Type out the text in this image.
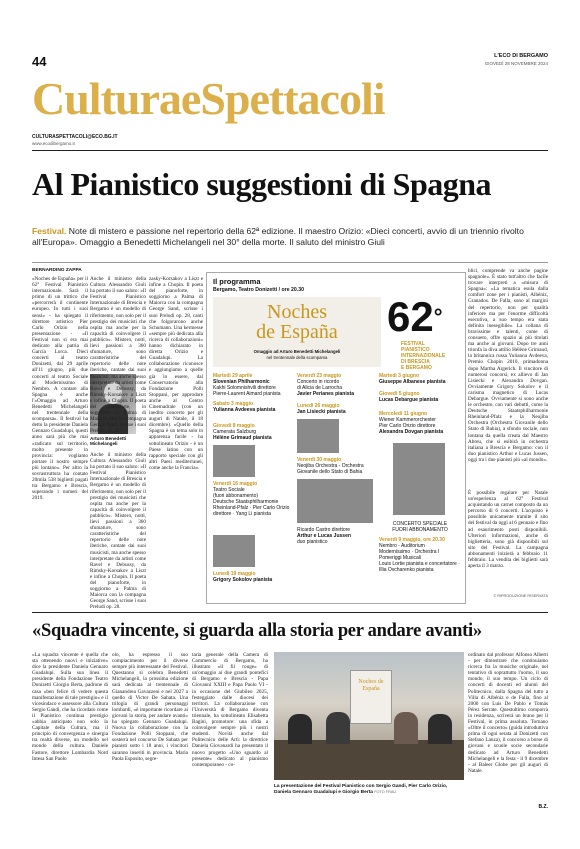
44	L'ECO DI BERGAMO
GIOVEDÌ 28 NOVEMBRE 2024
CulturaeSpettacoli
CULTURASPETTACOLI@ECO.BG.IT
www.ecodibergamo.it
Al Pianistico suggestioni di Spagna
Festival. Note di mistero e passione nel repertorio della 62ª edizione. Il maestro Orizio: «Dieci concerti, avvio di un triennio rivolto all'Europa». Omaggio a Benedetti Michelangeli nel 30° della morte. Il saluto del ministro Giuli
BERNARDINO ZAPPA
«Noches de España» per il 62° Festival Pianistico internazionale. Sarà il primo di un trittico che «percorrerà il continente europeo. In tutti i suoi sensi» - ha spiegato il direttore artistico Pier Carlo Orizio nella presentazione - «Il Festival non si era mai dedicato alla patria di García Lorca. Dieci concerti al teatro Donizetti, dal 29 aprile all'11 giugno, più due concerti al teatro Sociale al Modernissimo di Nembro. A contare alla Spagna è anche l'«Omaggio ad Arturo Benedetti Michelangeli nel trentennale della scomparsa». Il festival ha detto la presidente Daniela Gennaro Guadalupi, questi anno sarà più che mai «radicato sul territorio, molto presente in provincia: vogliamo portare il nostro sempre più lontano». Per altro la sovrastruttura ha contato 20mila 538 biglietti pagati tra Bergamo e Brescia, superando i numeri del 2019.
Arturo Benedetti Michelangeli
Anche il ministro della Cultura Alessandro Giuli ha portato il suo saluto: «Il Festival Pianistico Internazionale di Brescia e Bergamo è un modello di riferimento, non solo per il prestigio dei musicisti che ospita ma anche per la capacità di coinvolgere il pubblico». Mistero, notti, lievi passioni a 360 sfumature, sono caratteristiche del repertorio delle note iberiche, cantate dai suoi musicisti, ma anche spesso interpretate da artisti come Ravel e Debussy, da Rimsky-Korsakov a Liszt e infine a Chopin. Il poeta del pianoforte, in soggiorno a Palma di Maiorca con la compagna George Sand, scrisse i suoi Preludi op. 28.
Anche il ministro della Cultura Alessandro Giuli ha portato il suo saluto: «Il Festival Pianistico Internazionale di Brescia e Bergamo è un modello di riferimento, non solo per il prestigio dei musicisti che ospita ma anche per la capacità di coinvolgere il pubblico». Mistero, notti, lievi passioni a 360 sfumature, sono caratteristiche del repertorio delle note iberiche, cantate dai suoi musicisti, ma anche spesso interpretate da artisti come Ravel e Debussy, da Rimsky-Korsakov a Liszt e infine a Chopin. Il poeta del pianoforte, in soggiorno a Palma di Maiorca con la compagna George Sand, scrisse i suoi Preludi op. 28.
zasky-Korsakov a Liszt e infine a Chopin. Il poeta del pianoforte, in soggiorno a Palma di Maiorca con la compagna George Sand, scrisse i suoi Preludi op. 28, canti che folgorarono anche Schumann. Una kermesse «sempre più dedicata alla ricerca di collaborazioni» hanno dichiarato in diretta Orizio e Guadalupi. La collaborazione riconosce e aggiungiamo a quelle già in essere, dal Conservatorio alla Fondazione Polli Stoppani, per approdare anche al Centro Cinemadrale (con un inedito concerto per gli auguri di Natale, il 18 dicembre). «Quello della Spagna è un tema solo in apparenza facile - ha sottolineato Orizio - è un Paese latino con un rapporto speciale con gli altri Paesi mediterranei, come anche la Francia».
Il programma
Bergamo, Teatro Donizetti / ore 20.30
Noches
de España
Omaggio ad Arturo Benedetti Michelangeli
nel trentennale della scomparsa
62°
FESTIVAL
PIANISTICO
INTERNAZIONALE
DI BRESCIA
E BERGAMO
Martedì 29 aprile
Slovenian Philharmonic
Kakhi Solomnishvili direttore
Pierre-Laurent Aimard pianista
Sabato 3 maggio
Yulianna Avdeeva pianista
Giovedì 8 maggio
Camerata Salzburg
Hélène Grimaud pianista
Venerdì 16 maggio
Teatro Sociale
(fuori abbonamento)
Deutsche Staatsphilharmonie Rheinland-Pfalz · Pier Carlo Orizio direttore · Yang Li pianista
Lunedì 19 maggio
Grigory Sokolov pianista
Venerdì 23 maggio
Concerto in ricordo
di Alicia de Larrocha
Javier Perianes pianista
Lunedì 26 maggio
Jan Lisiecki pianista
Venerdì 30 maggio
Neojiba Orchestra - Orchestra
Giovanile dello Stato di Bahia
Ricardo Castro direttore
Arthur e Lucas Jussen
duo pianistico
Martedì 3 giugno
Giuseppe Albanese pianista
Giovedì 5 giugno
Lucas Debargue pianista
Mercoledì 11 giugno
Wiener Kammerorchester
Pier Carlo Orizio direttore
Alexandra Dovgan pianista
CONCERTO SPECIALE
FUORI ABBONAMENTO
Venerdì 9 maggio, ore 20.30
Nembro - Auditorium
Modernissimo · Orchestra I Pomeriggi Musicali
Louis Lortie pianista e concertatore · Illia Ovcharenko pianista
blici, comprende va anche pagine spagnole». È stato tutt'altro che facile trovare interpreti a «misura di Spagna»: «La tematica esula dalla comfort zone per i pianisti, Albéniz, Granados. De Falla, sono al margini del repertorio, non per qualità inferiore ma per l'enorme difficoltà esecutiva, a suo tempo era stata definita inesegibile». La collana di bravissime e talenti, come di consueto, offre spazio ai più titolati ma anche ai giovani. Dopo tre anni trionfa la diva attilio Hélène Grimaud, la britannica russa Yulianna Avdeeva, Premio Chopin 2010, primadonna dopo Martha Argerich. Il vincitore di numerosi concorsi, ex allievo di Jan Lisiecki e Alexandra Dovgan. Ovviamente Grigory Sokolov e il carisma magnetico di Lucas Debargue. Ovviamente si sono anche le orchestre, con vari debutti, come la Deutsche Staatsphilharmonie Rheinland-Pfalz e la Neojiba Orchestra (Orchestra Giovanile dello Stato di Bahia), a sfondo sociale, non lontana da quella creata dal Maestro Abreu, che si esibirà in orchestra italiana a Brescia e Bergamo: con il duo pianistico Arthur e Lucas Jussen, oggi tra i due pianisti più «al mondo».
È possibile regalare per Natale un'esperienza al 62° Festival acquistando un carnet composto da un percorso di 6 concerti. L'acquisto è possibile unicamente tramite il sito del festival da oggi al 6 gennaio e fino ad esaurimento posti disponibili. Ulteriori informazioni, anche di biglietteria, sono già disponibili sul sito del Festival. La campagna abbonamenti inizierà a febbraio 11 febbraio. La vendita dei biglietti sarà aperta il 3 marzo.
© RIPRODUZIONE RISERVATA
«Squadra vincente, si guarda alla storia per andare avanti»
«La squadra vincente è quella che sta ottenendo nuovi e iniziative» dice la presidente Daniela Gennaro Guadalupi. Sulla sua linea il presidente della Fondazione Teatro Donizetti Giorgio Berta, padrone di casa «ben felice di vedere questa manifestazione di tale prestigio» e il vicesindaco e assessore alla Cultura Sergio Gandi, che ha ricordato come il Pianistico continua prestigio «abbia anticipato non solo la Capitale della Cultura, ma il principio di convergenza e sinergia tra realtà diverse, un modello nel mondo della cultura. Daniele Fastore, direttore Lombardia Nord Intesa San Paolo
olo, ha espresso il suo compiacimento per il diverse sempre più interessante del Festival. Questanno si celebra Benedetti Michelangeli, la prossima edizione sarà dedicata al trentennale di Gianandrea Gavazzeni e nel 2027 a quello di Victor De Sabata. Una trilogia di grandi personaggi lombardi, «è importante ricordare ai giovani la storia, per andare avanti» ha spiegato Gennaro Guadalupi. Nuova la collaborazione con la Fondazione Polli Stoppani, che sosterrà nel concorso De Sabata per pianisti sotto i 18 anni, i vincitori saranno inseriti in provincia. Maria Paola Esposito, segre-
taria generale della Camera di Commercio di Bergamo, ha illustrato «il fil rouge» di un'omaggio ai due grandi pontefici di Bergamo e Brescia - Papa Giovanni XXIII e Papa Paolo VI - in occasione del Giubileo 2025, festeggiato dalle diocesi dei territori. La collaborazione con l'Università di Bergamo diventa triennale, ha sottolineato Elisabetta Bagini, promotore: una sfida a coinvolgere sempre più i nostri studenti. Novità anche dal Politecnico delle Arti: la direttrice Daniela Giovanardi ha presentato il nuovo progetto «Uno sguardo al presente» dedicato al pianismo contemporaneo - co-
Noches de España
La presentazione del Festival Pianistico con Sergio Gandi, Pier Carlo Orizio, Daniela Gennaro Guadalupi e Giorgio Berta FOTO FRAU
ordinato dal professor Alfonso Alberti - per dimostrare che continuiamo ricerca fra la musiche originale, nel tentativo di soprattutto l'uomo, il suo mondo, il suo tempo. Un ciclo di concerti di docenti ed alunni del Politecnico, dalla Spagna del tutto a Villa di Albéniz e de Falla, fino al 2000 con Luis De Pablo e Tomás Pérez Serrate. Questultimo comporrà in residenza, scriverà un brano per il Festival, in prima assoluta. Tornano «Oltre il concerto» (guida introduttiva prima di ogni serata al Donizetti con Stefano Lanza), il concorso a borse di giovani e scuole socie secondarie dedicato ad Arturo Benedetti Michelangeli e la festa - il 9 dicembre - al Baleer Globe per gli auguri di Natale.
B.Z.
